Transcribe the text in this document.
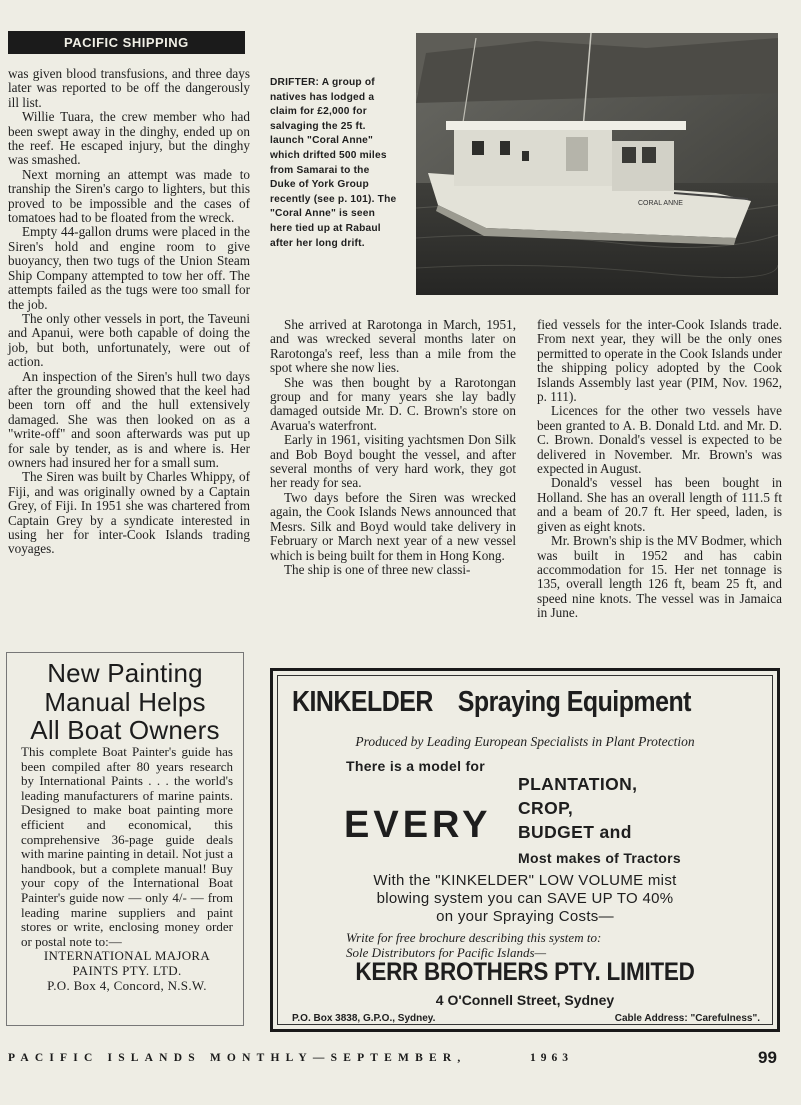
PACIFIC SHIPPING

was given blood transfusions, and three days later was reported to be off the dangerously ill list.

Willie Tuara, the crew member who had been swept away in the dinghy, ended up on the reef. He escaped injury, but the dinghy was smashed.

Next morning an attempt was made to tranship the Siren's cargo to lighters, but this proved to be impossible and the cases of tomatoes had to be floated from the wreck.

Empty 44-gallon drums were placed in the Siren's hold and engine room to give buoyancy, then two tugs of the Union Steam Ship Company attempted to tow her off. The attempts failed as the tugs were too small for the job.

The only other vessels in port, the Taveuni and Apanui, were both capable of doing the job, but both, unfortunately, were out of action.

An inspection of the Siren's hull two days after the grounding showed that the keel had been torn off and the hull extensively damaged. She was then looked on as a "write-off" and soon afterwards was put up for sale by tender, as is and where is. Her owners had insured her for a small sum.

The Siren was built by Charles Whippy, of Fiji, and was originally owned by a Captain Grey, of Fiji. In 1951 she was chartered from Captain Grey by a syndicate interested in using her for inter-Cook Islands trading voyages.

DRIFTER: A group of natives has lodged a claim for £2,000 for salvaging the 25 ft. launch "Coral Anne" which drifted 500 miles from Samarai to the Duke of York Group recently (see p. 101). The "Coral Anne" is seen here tied up at Rabaul after her long drift.
CORAL ANNE

She arrived at Rarotonga in March, 1951, and was wrecked several months later on Rarotonga's reef, less than a mile from the spot where she now lies.

She was then bought by a Rarotongan group and for many years she lay badly damaged outside Mr. D. C. Brown's store on Avarua's waterfront.

Early in 1961, visiting yachtsmen Don Silk and Bob Boyd bought the vessel, and after several months of very hard work, they got her ready for sea.

Two days before the Siren was wrecked again, the Cook Islands News announced that Mesrs. Silk and Boyd would take delivery in February or March next year of a new vessel which is being built for them in Hong Kong.

The ship is one of three new classi-

fied vessels for the inter-Cook Islands trade. From next year, they will be the only ones permitted to operate in the Cook Islands under the shipping policy adopted by the Cook Islands Assembly last year (PIM, Nov. 1962, p. 111).

Licences for the other two vessels have been granted to A. B. Donald Ltd. and Mr. D. C. Brown. Donald's vessel is expected to be delivered in November. Mr. Brown's was expected in August.

Donald's vessel has been bought in Holland. She has an overall length of 111.5 ft and a beam of 20.7 ft. Her speed, laden, is given as eight knots.

Mr. Brown's ship is the MV Bodmer, which was built in 1952 and has cabin accommodation for 15. Her net tonnage is 135, overall length 126 ft, beam 25 ft, and speed nine knots. The vessel was in Jamaica in June.

New Painting
Manual Helps
All Boat Owners

This complete Boat Painter's guide has been compiled after 80 years research by International Paints . . . the world's leading manufacturers of marine paints. Designed to make boat painting more efficient and economical, this comprehensive 36-page guide deals with marine painting in detail. Not just a handbook, but a complete manual! Buy your copy of the International Boat Painter's guide now — only 4/- — from leading marine suppliers and paint stores or write, enclosing money order or postal note to:—

INTERNATIONAL MAJORA
PAINTS PTY. LTD.
P.O. Box 4, Concord, N.S.W.
KINKELDER Spraying Equipment
Produced by Leading European Specialists in Plant Protection
There is a model for
EVERY
PLANTATION,
CROP,
BUDGET and
Most makes of Tractors
With the "KINKELDER" LOW VOLUME mist
blowing system you can SAVE UP TO 40%
on your Spraying Costs—
Write for free brochure describing this system to:
Sole Distributors for Pacific Islands—
KERR BROTHERS PTY. LIMITED
4 O'Connell Street, Sydney
P.O. Box 3838, G.P.O., Sydney.	Cable Address: "Carefulness".
PACIFIC ISLANDS MONTHLY—SEPTEMBER,	1963	99
